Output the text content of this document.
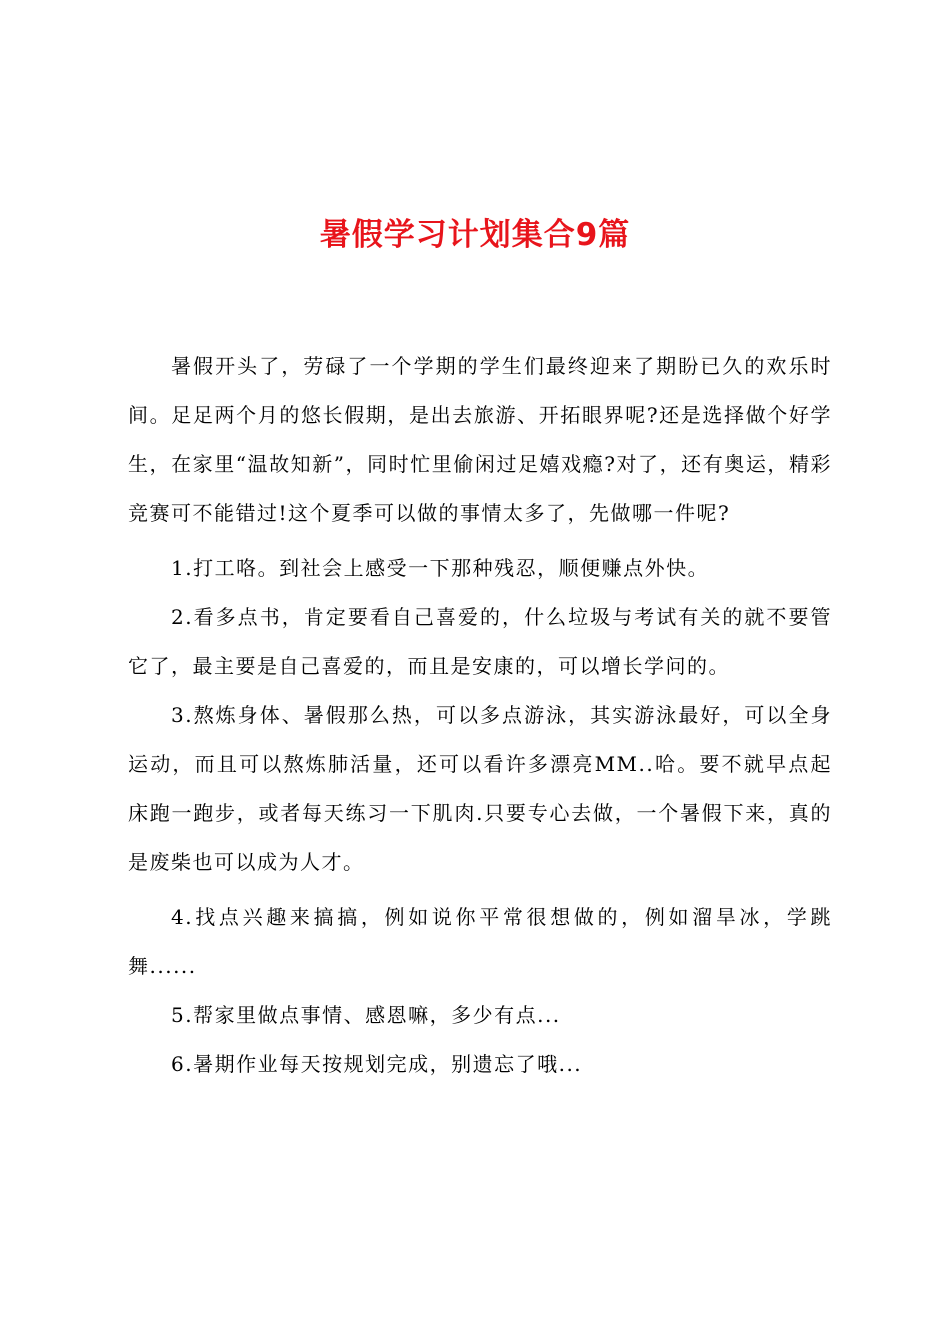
暑假学习计划集合9篇

暑假开头了，劳碌了一个学期的学生们最终迎来了期盼已久的欢乐时间。足足两个月的悠长假期，是出去旅游、开拓眼界呢?还是选择做个好学生，在家里“温故知新”，同时忙里偷闲过足嬉戏瘾?对了，还有奥运，精彩竞赛可不能错过!这个夏季可以做的事情太多了，先做哪一件呢?

1.打工咯。到社会上感受一下那种残忍，顺便赚点外快。

2.看多点书，肯定要看自己喜爱的，什么垃圾与考试有关的就不要管它了，最主要是自己喜爱的，而且是安康的，可以增长学问的。

3.熬炼身体、暑假那么热，可以多点游泳，其实游泳最好，可以全身运动，而且可以熬炼肺活量，还可以看许多漂亮MM..哈。要不就早点起床跑一跑步，或者每天练习一下肌肉.只要专心去做，一个暑假下来，真的是废柴也可以成为人才。

4.找点兴趣来搞搞，例如说你平常很想做的，例如溜旱冰，学跳舞......

5.帮家里做点事情、感恩嘛，多少有点...

6.暑期作业每天按规划完成，别遗忘了哦...
